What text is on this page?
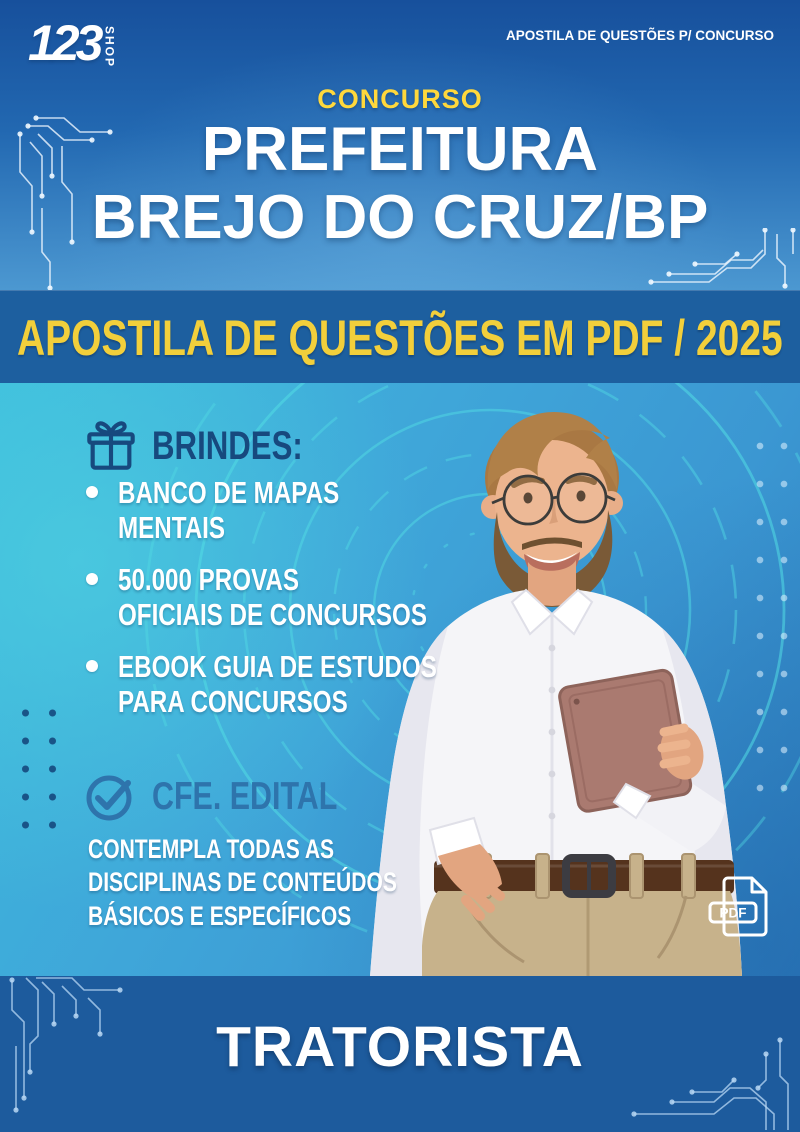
123 SHOP	APOSTILA DE QUESTÕES P/ CONCURSO
CONCURSO
PREFEITURA
BREJO DO CRUZ/BP
APOSTILA DE QUESTÕES EM PDF / 2025
BRINDES:
BANCO DE MAPAS
MENTAIS
50.000 PROVAS
OFICIAIS DE CONCURSOS
EBOOK GUIA DE ESTUDOS
PARA CONCURSOS
CFE. EDITAL
CONTEMPLA TODAS AS
DISCIPLINAS DE CONTEÚDOS
BÁSICOS E ESPECÍFICOS	PDF
TRATORISTA
